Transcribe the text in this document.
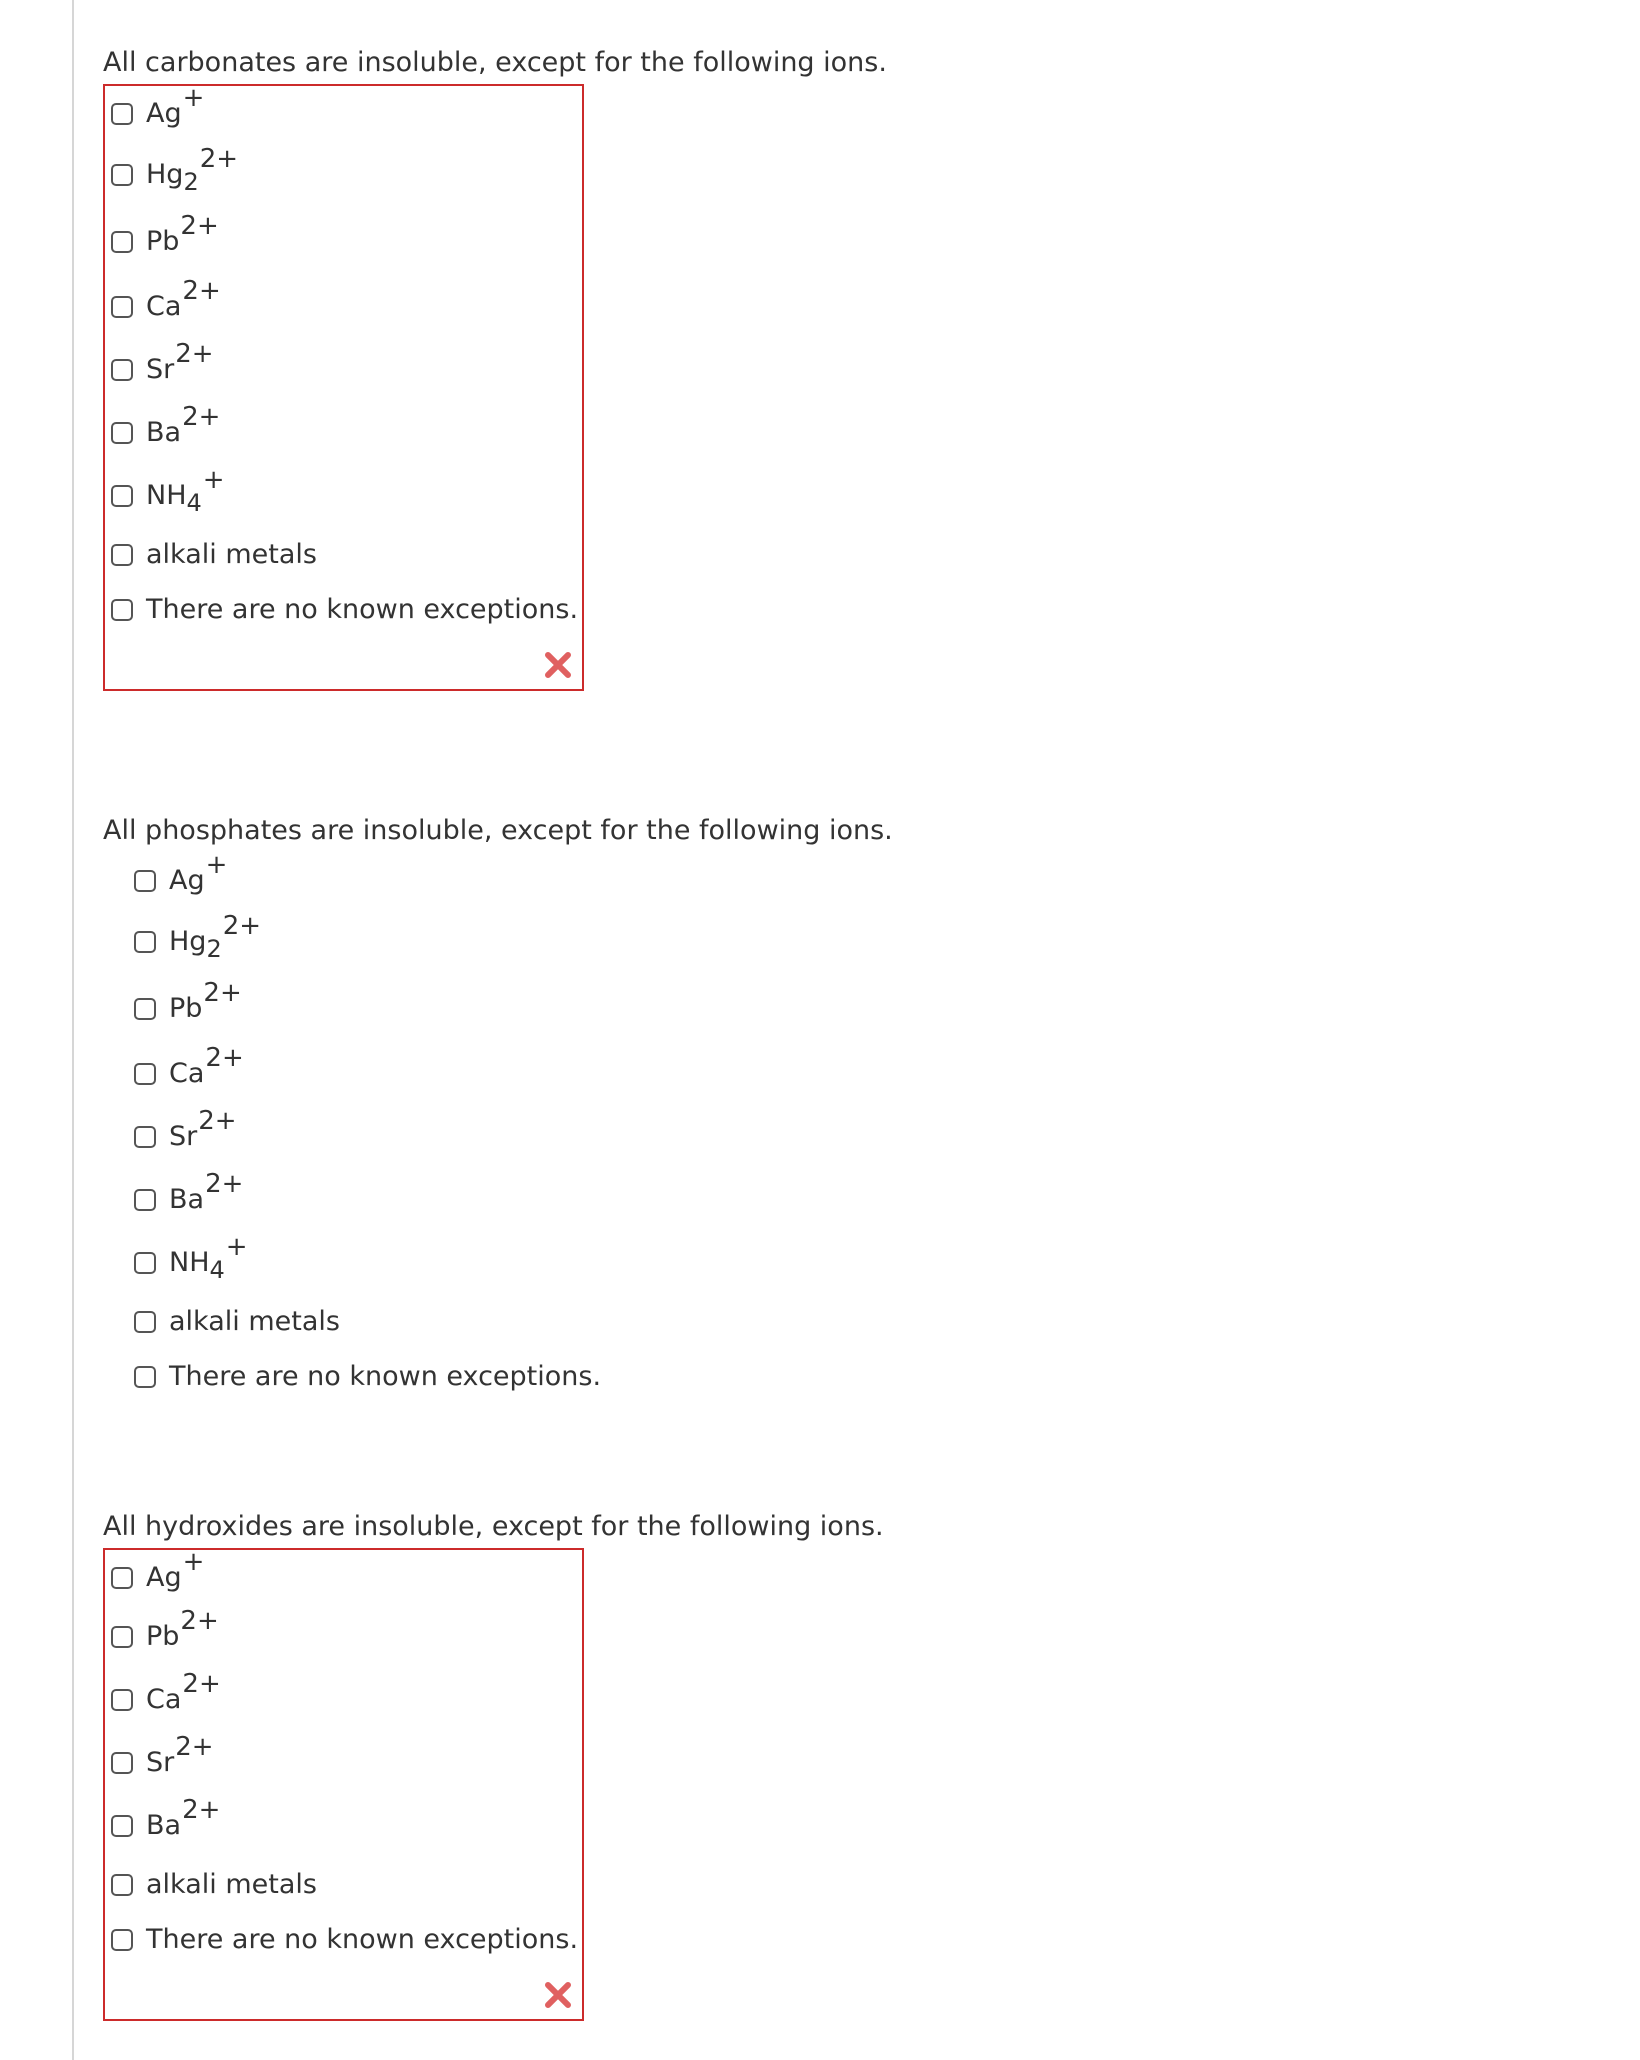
All carbonates are insoluble, except for the following ions.

Ag+
$Hg_2^{2+}$
$Pb^{2+}$
$Ca^{2+}$
$Sr^{2+}$
$Ba^{2+}$
$NH_4^+$
alkali metals
There are no known exceptions.

All phosphates are insoluble, except for the following ions.

Ag+
$Hg_2^{2+}$
$Pb^{2+}$
$Ca^{2+}$
$Sr^{2+}$
$Ba^{2+}$
$NH_4^+$
alkali metals
There are no known exceptions.

All hydroxides are insoluble, except for the following ions.

Ag+
$Pb^{2+}$
$Ca^{2+}$
$Sr^{2+}$
$Ba^{2+}$
alkali metals
There are no known exceptions.
